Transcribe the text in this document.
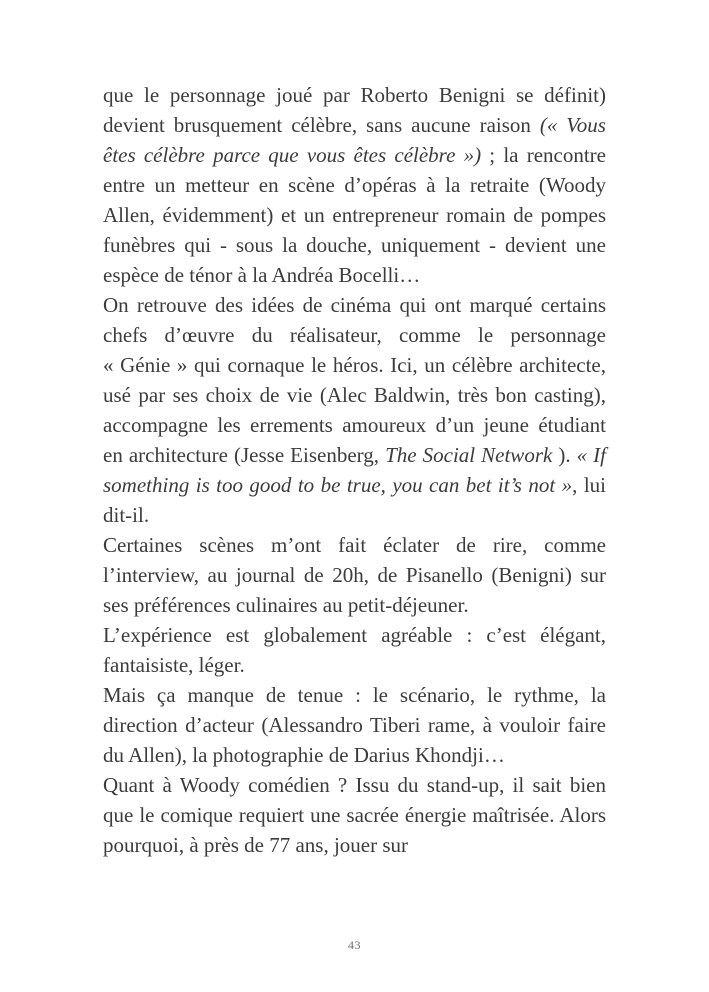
que le personnage joué par Roberto Benigni se définit) devient brusquement célèbre, sans aucune raison (« Vous êtes célèbre parce que vous êtes célèbre ») ; la rencontre entre un metteur en scène d’opéras à la retraite (Woody Allen, évidemment) et un entrepreneur romain de pompes funèbres qui - sous la douche, uniquement - devient une espèce de ténor à la Andréa Bocelli…

On retrouve des idées de cinéma qui ont marqué certains chefs d’œuvre du réalisateur, comme le personnage « Génie » qui cornaque le héros. Ici, un célèbre architecte, usé par ses choix de vie (Alec Baldwin, très bon casting), accompagne les errements amoureux d’un jeune étudiant en architecture (Jesse Eisenberg, The Social Network ). « If something is too good to be true, you can bet it’s not », lui dit-il.

Certaines scènes m’ont fait éclater de rire, comme l’interview, au journal de 20h, de Pisanello (Benigni) sur ses préférences culinaires au petit-déjeuner.

L’expérience est globalement agréable : c’est élégant, fantaisiste, léger.

Mais ça manque de tenue : le scénario, le rythme, la direction d’acteur (Alessandro Tiberi rame, à vouloir faire du Allen), la photographie de Darius Khondji…

Quant à Woody comédien ? Issu du stand-up, il sait bien que le comique requiert une sacrée énergie maîtrisée. Alors pourquoi, à près de 77 ans, jouer sur

43
